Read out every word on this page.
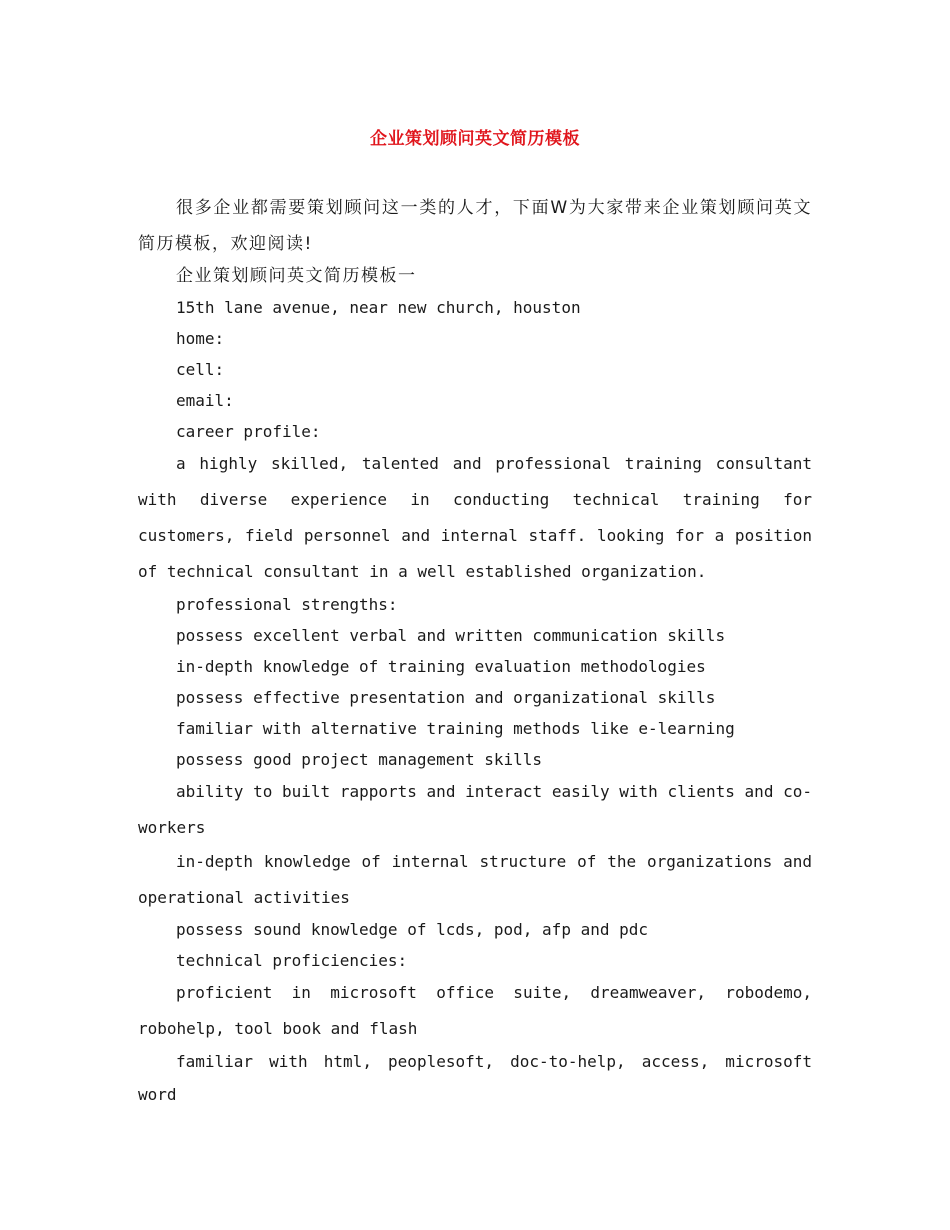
企业策划顾问英文简历模板

很多企业都需要策划顾问这一类的人才，下面W为大家带来企业策划顾问英文简历模板，欢迎阅读!

企业策划顾问英文简历模板一

15th lane avenue, near new church, houston

home:

cell:

email:

career profile:

a highly skilled, talented and professional training consultant with diverse experience in conducting technical training for customers, field personnel and internal staff. looking for a position of technical consultant in a well established organization.

professional strengths:

possess excellent verbal and written communication skills

in-depth knowledge of training evaluation methodologies

possess effective presentation and organizational skills

familiar with alternative training methods like e-learning

possess good project management skills

ability to built rapports and interact easily with clients and co-workers

in-depth knowledge of internal structure of the organizations and operational activities

possess sound knowledge of lcds, pod, afp and pdc

technical proficiencies:

proficient in microsoft office suite, dreamweaver, robodemo, robohelp, tool book and flash

familiar with html, peoplesoft, doc-to-help, access, microsoft word
